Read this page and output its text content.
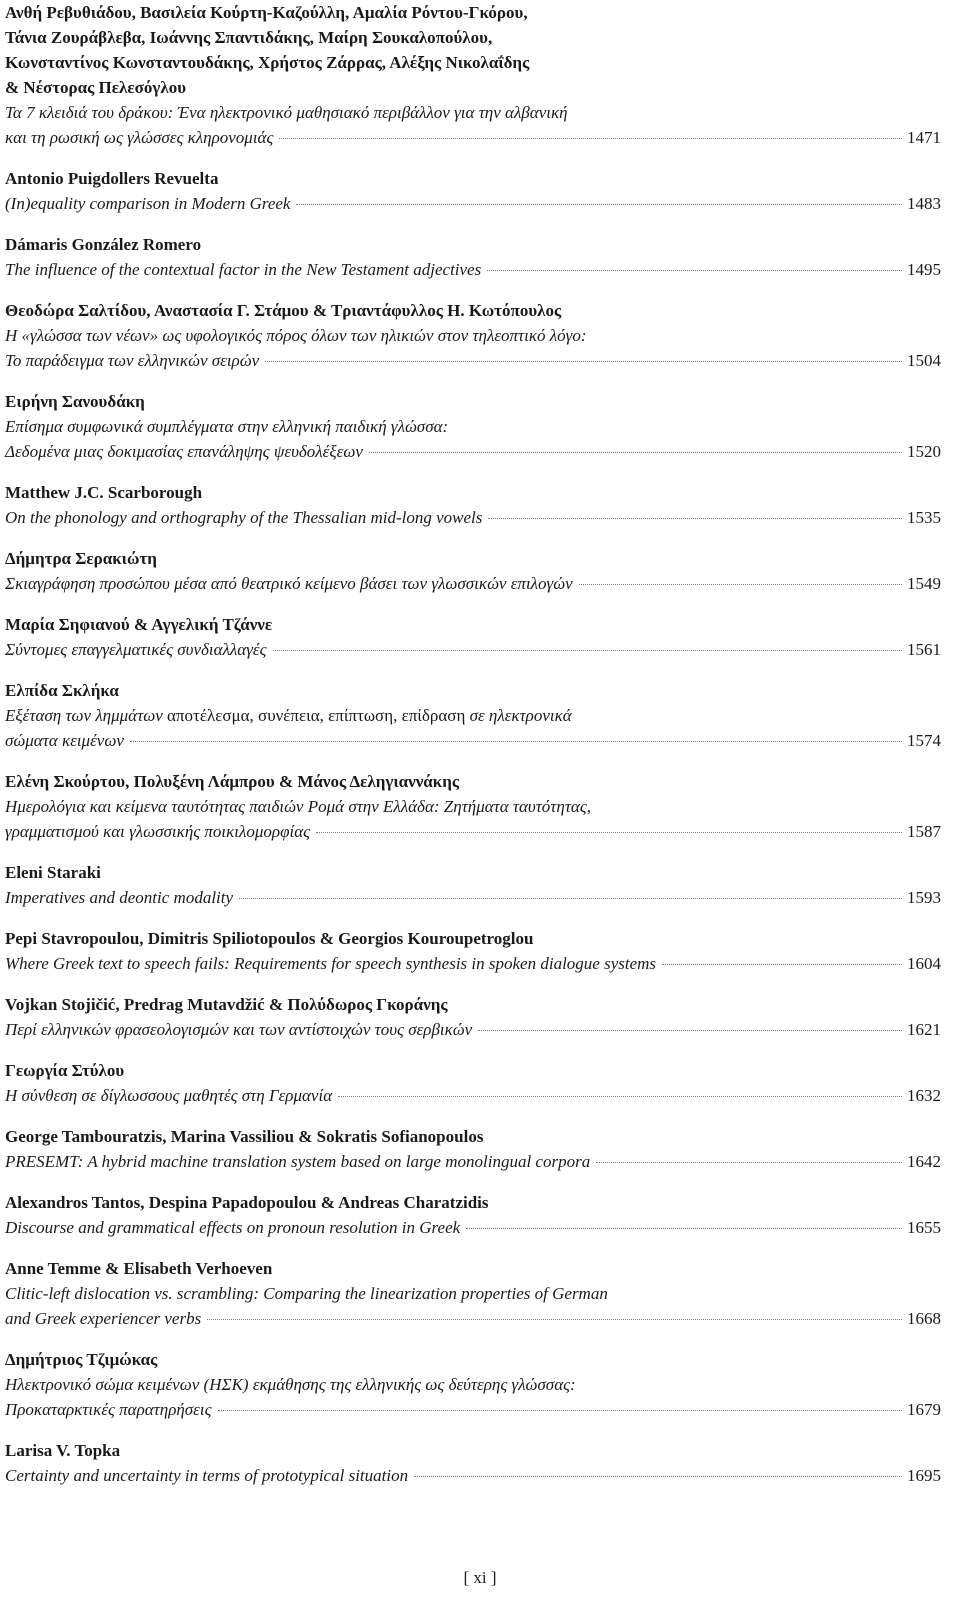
Ανθή Ρεβυθιάδου, Βασιλεία Κούρτη-Καζούλλη, Αμαλία Ρόντου-Γκόρου,
Τάνια Ζουράβλεβα, Ιωάννης Σπαντιδάκης, Μαίρη Σουκαλοπούλου,
Κωνσταντίνος Κωνσταντουδάκης, Χρήστος Ζάρρας, Αλέξης Νικολαΐδης
& Νέστορας Πελεσόγλου
Τα 7 κλειδιά του δράκου: Ένα ηλεκτρονικό μαθησιακό περιβάλλον για την αλβανική
και τη ρωσική ως γλώσσες κληρονομιάς	1471
Antonio Puigdollers Revuelta
(In)equality comparison in Modern Greek	1483
Dámaris González Romero
The influence of the contextual factor in the New Testament adjectives	1495
Θεοδώρα Σαλτίδου, Αναστασία Γ. Στάμου & Τριαντάφυλλος Η. Κωτόπουλος
Η «γλώσσα των νέων» ως υφολογικός πόρος όλων των ηλικιών στον τηλεοπτικό λόγο:
Το παράδειγμα των ελληνικών σειρών	1504
Ειρήνη Σανουδάκη
Επίσημα συμφωνικά συμπλέγματα στην ελληνική παιδική γλώσσα:
Δεδομένα μιας δοκιμασίας επανάληψης ψευδολέξεων	1520
Matthew J.C. Scarborough
On the phonology and orthography of the Thessalian mid-long vowels	1535
Δήμητρα Σερακιώτη
Σκιαγράφηση προσώπου μέσα από θεατρικό κείμενο βάσει των γλωσσικών επιλογών	1549
Μαρία Σηφιανού & Αγγελική Τζάννε
Σύντομες επαγγελματικές συνδιαλλαγές	1561
Ελπίδα Σκλήκα
Εξέταση των λημμάτων αποτέλεσμα, συνέπεια, επίπτωση, επίδραση σε ηλεκτρονικά
σώματα κειμένων	1574
Ελένη Σκούρτου, Πολυξένη Λάμπρου & Μάνος Δεληγιαννάκης
Ημερολόγια και κείμενα ταυτότητας παιδιών Ρομά στην Ελλάδα: Ζητήματα ταυτότητας,
γραμματισμού και γλωσσικής ποικιλομορφίας	1587
Eleni Staraki
Imperatives and deontic modality	1593
Pepi Stavropoulou, Dimitris Spiliotopoulos & Georgios Kouroupetroglou
Where Greek text to speech fails: Requirements for speech synthesis in spoken dialogue systems	1604
Vojkan Stojičić, Predrag Mutavdžić & Πολύδωρος Γκοράνης
Περί ελληνικών φρασεολογισμών και των αντίστοιχών τους σερβικών	1621
Γεωργία Στύλου
Η σύνθεση σε δίγλωσσους μαθητές στη Γερμανία	1632
George Tambouratzis, Marina Vassiliou & Sokratis Sofianopoulos
PRESEMT: A hybrid machine translation system based on large monolingual corpora	1642
Alexandros Tantos, Despina Papadopoulou & Andreas Charatzidis
Discourse and grammatical effects on pronoun resolution in Greek	1655
Anne Temme & Elisabeth Verhoeven
Clitic-left dislocation vs. scrambling: Comparing the linearization properties of German
and Greek experiencer verbs	1668
Δημήτριος Τζιμώκας
Ηλεκτρονικό σώμα κειμένων (ΗΣΚ) εκμάθησης της ελληνικής ως δεύτερης γλώσσας:
Προκαταρκτικές παρατηρήσεις	1679
Larisa V. Topka
Certainty and uncertainty in terms of prototypical situation	1695
[ xi ]
